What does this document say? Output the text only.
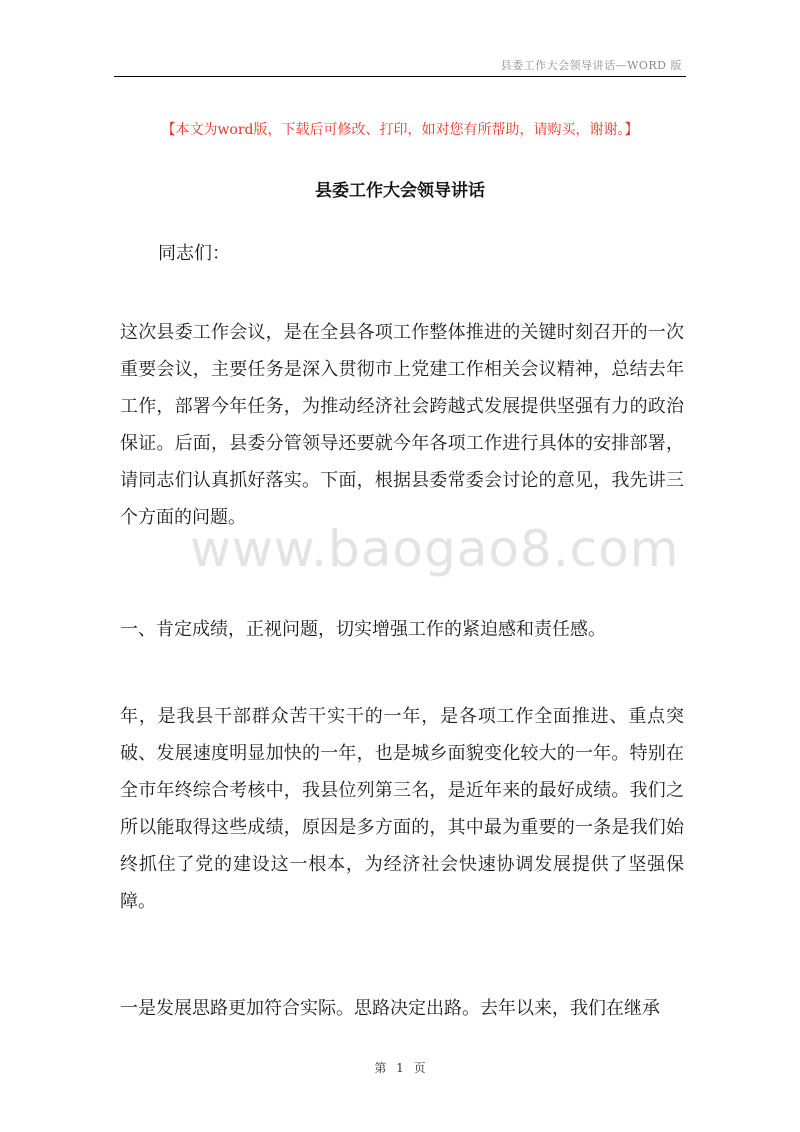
县委工作大会领导讲话—WORD 版
【本文为word版，下载后可修改、打印，如对您有所帮助，请购买，谢谢。】
县委工作大会领导讲话
同志们：

这次县委工作会议，是在全县各项工作整体推进的关键时刻召开的一次重要会议，主要任务是深入贯彻市上党建工作相关会议精神，总结去年工作，部署今年任务，为推动经济社会跨越式发展提供坚强有力的政治保证。后面，县委分管领导还要就今年各项工作进行具体的安排部署，请同志们认真抓好落实。下面，根据县委常委会讨论的意见，我先讲三个方面的问题。

一、肯定成绩，正视问题，切实增强工作的紧迫感和责任感。

年，是我县干部群众苦干实干的一年，是各项工作全面推进、重点突破、发展速度明显加快的一年，也是城乡面貌变化较大的一年。特别在全市年终综合考核中，我县位列第三名，是近年来的最好成绩。我们之所以能取得这些成绩，原因是多方面的，其中最为重要的一条是我们始终抓住了党的建设这一根本，为经济社会快速协调发展提供了坚强保障。

一是发展思路更加符合实际。思路决定出路。去年以来，我们在继承

www.baogao8.com
第 1 页
